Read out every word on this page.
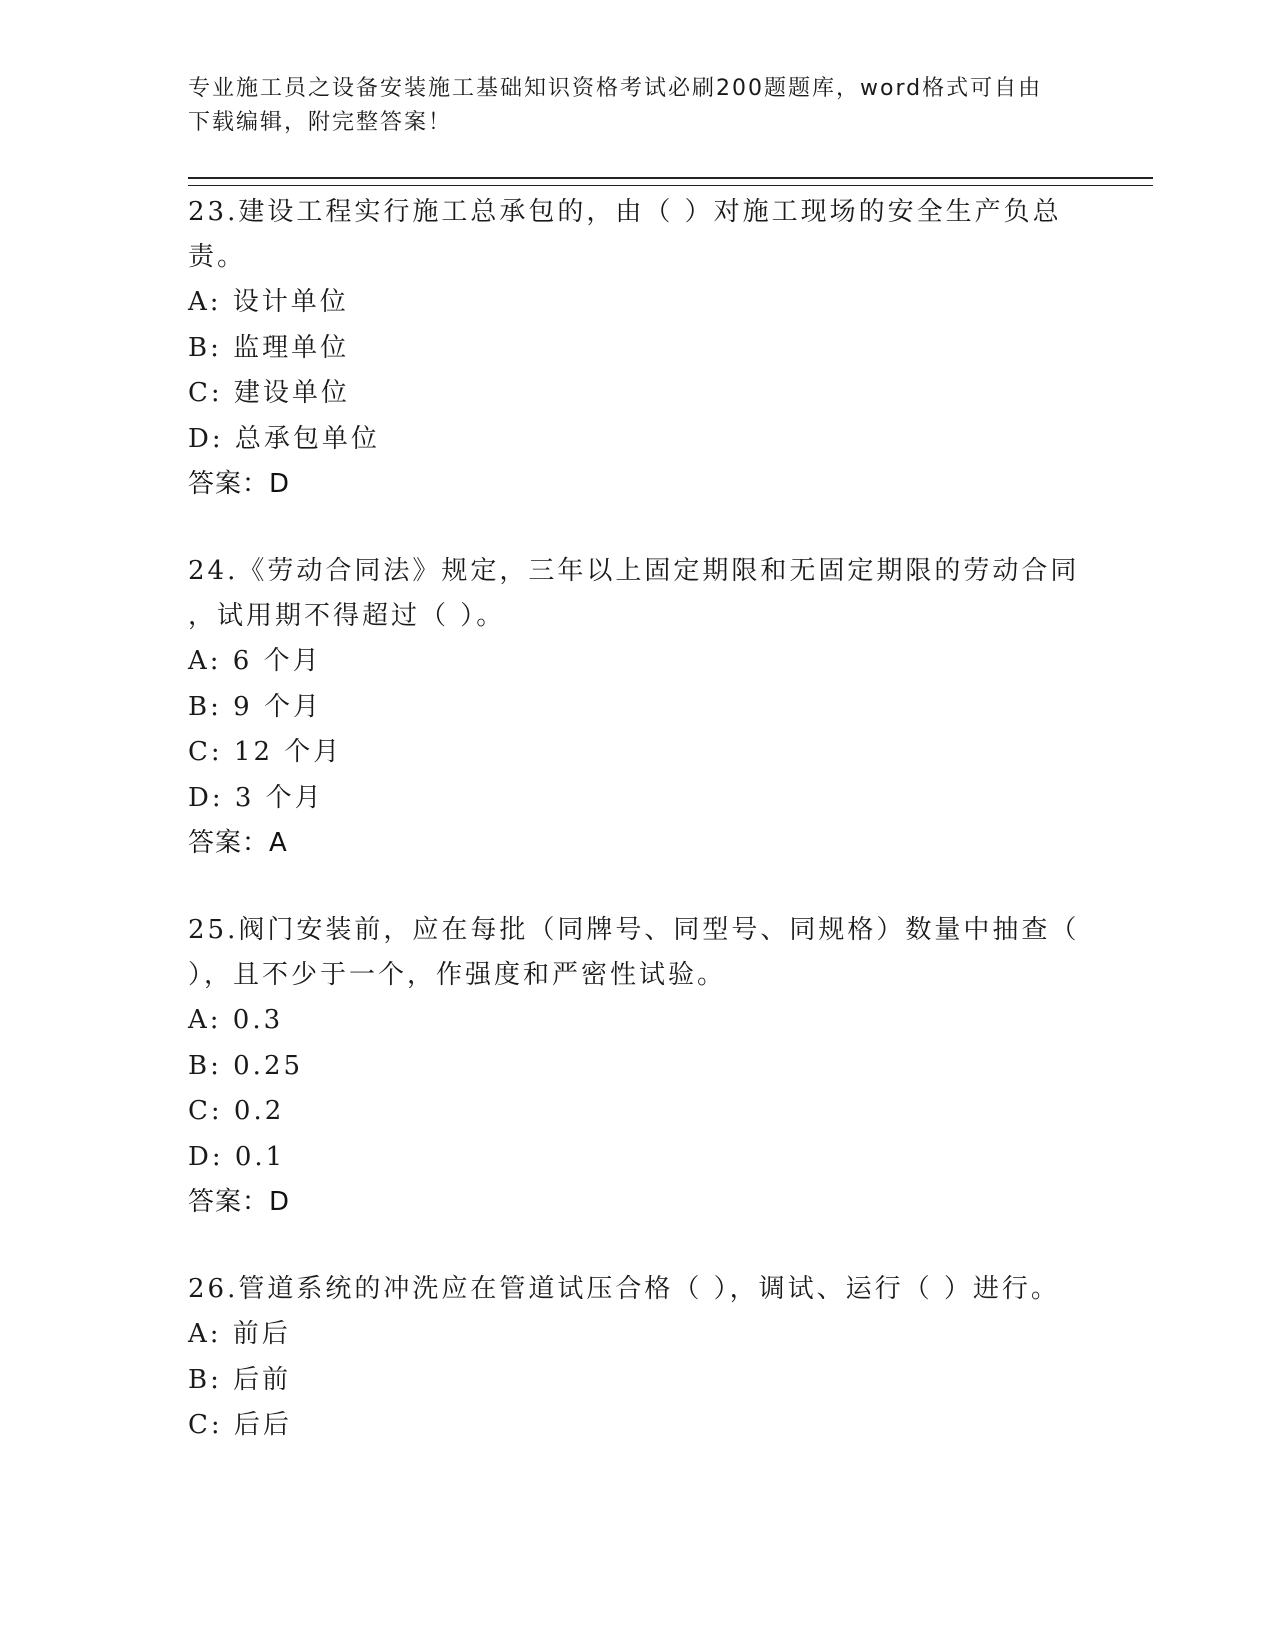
专业施工员之设备安装施工基础知识资格考试必刷200题题库，word格式可自由
下载编辑，附完整答案！

23.建设工程实行施工总承包的，由（ ）对施工现场的安全生产负总

责。

A: 设计单位

B: 监理单位

C: 建设单位

D: 总承包单位

答案：D

24.《劳动合同法》规定，三年以上固定期限和无固定期限的劳动合同

，试用期不得超过（ ）。

A: 6 个月

B: 9 个月

C: 12 个月

D: 3 个月

答案：A

25.阀门安装前，应在每批（同牌号、同型号、同规格）数量中抽查（

），且不少于一个，作强度和严密性试验。

A: 0.3

B: 0.25

C: 0.2

D: 0.1

答案：D

26.管道系统的冲洗应在管道试压合格（ ），调试、运行（ ）进行。

A: 前后

B: 后前

C: 后后
